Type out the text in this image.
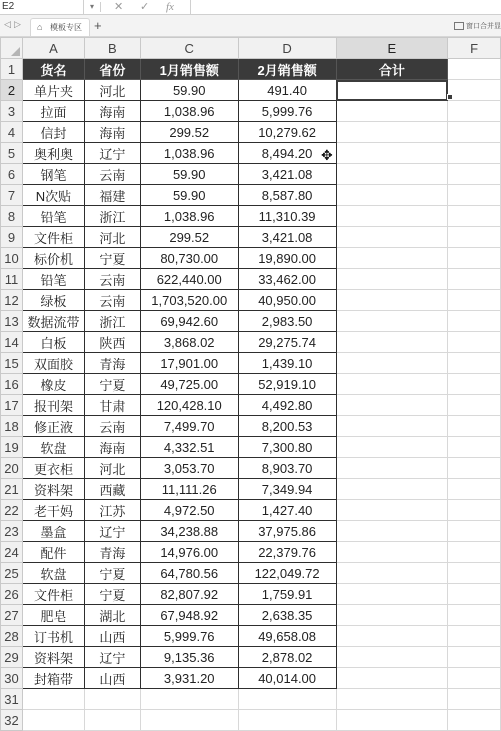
E2	▾ ✕ ✓ fx
◁ ▷ ⌂ 模板专区 +	窗口合并显
	A	B	C	D	E	F
1	货名	省份	1月销售额	2月销售额	合计	
2	单片夹	河北	59.90	491.40		
3	拉面	海南	1,038.96	5,999.76		
4	信封	海南	299.52	10,279.62		
5	奥利奥	辽宁	1,038.96	8,494.20		
6	钢笔	云南	59.90	3,421.08		
7	N次贴	福建	59.90	8,587.80		
8	铅笔	浙江	1,038.96	11,310.39		
9	文件柜	河北	299.52	3,421.08		
10	标价机	宁夏	80,730.00	19,890.00		
11	铅笔	云南	622,440.00	33,462.00		
12	绿板	云南	1,703,520.00	40,950.00		
13	数据流带	浙江	69,942.60	2,983.50		
14	白板	陕西	3,868.02	29,275.74		
15	双面胶	青海	17,901.00	1,439.10		
16	橡皮	宁夏	49,725.00	52,919.10		
17	报刊架	甘肃	120,428.10	4,492.80		
18	修正液	云南	7,499.70	8,200.53		
19	软盘	海南	4,332.51	7,300.80		
20	更衣柜	河北	3,053.70	8,903.70		
21	资料架	西藏	11,111.26	7,349.94		
22	老干妈	江苏	4,972.50	1,427.40		
23	墨盒	辽宁	34,238.88	37,975.86		
24	配件	青海	14,976.00	22,379.76		
25	软盘	宁夏	64,780.56	122,049.72		
26	文件柜	宁夏	82,807.92	1,759.91		
27	肥皂	湖北	67,948.92	2,638.35		
28	订书机	山西	5,999.76	49,658.08		
29	资料架	辽宁	9,135.36	2,878.02		
30	封箱带	山西	3,931.20	40,014.00		
31						
32						
✥
